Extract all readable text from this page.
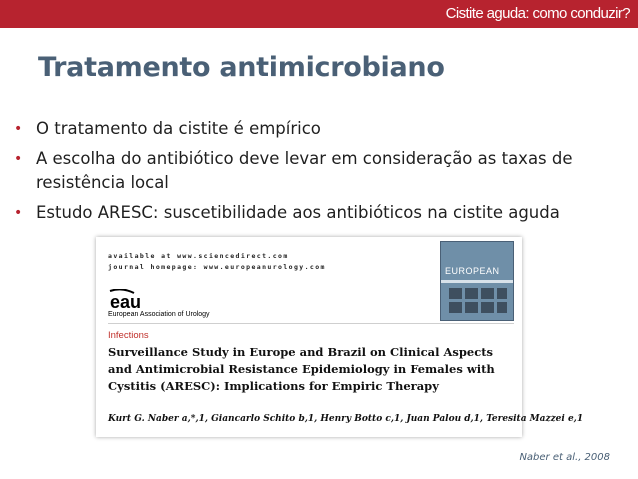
Cistite aguda: como conduzir?
Tratamento antimicrobiano
• O tratamento da cistite é empírico
• A escolha do antibiótico deve levar em consideração as taxas de resistência local
• Estudo ARESC: suscetibilidade aos antibióticos na cistite aguda
available at www.sciencedirect.com
journal homepage: www.europeanurology.com	EUROPEAN
eau
European Association of Urology
Infections
Surveillance Study in Europe and Brazil on Clinical Aspects and Antimicrobial Resistance Epidemiology in Females with Cystitis (ARESC): Implications for Empiric Therapy
Kurt G. Naber a,*,1, Giancarlo Schito b,1, Henry Botto c,1, Juan Palou d,1, Teresita Mazzei e,1
Naber et al., 2008
